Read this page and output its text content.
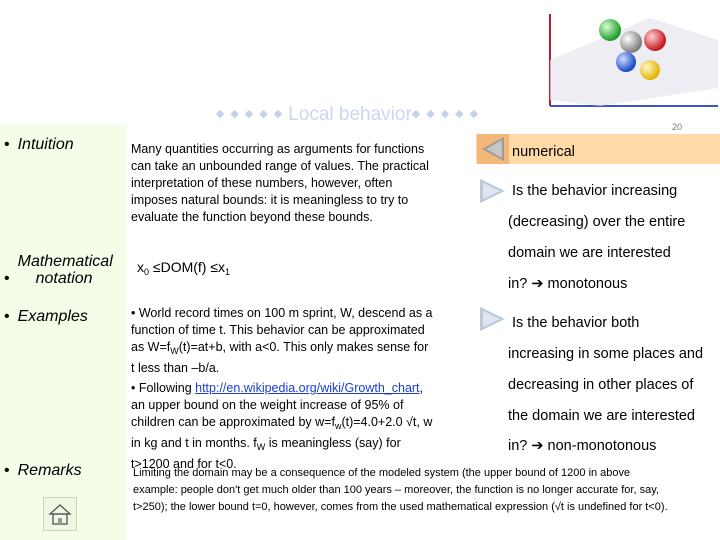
◆◆◆◆◆Local behavior◆◆◆◆◆
20
• Intuition
•Mathematical
notation
• Examples
• Remarks
Many quantities occurring as arguments for functions
can take an unbounded range of values. The practical
interpretation of these numbers, however, often
imposes natural bounds: it is meaningless to try to
evaluate the function beyond these bounds.
$x_0 \le DOM(f) \le x_1$
• World record times on 100 m sprint, W, descend as a
function of time t. This behavior can be approximated
as $W=f_W(t)=at+b$, with a<0. This only makes sense for
t less than –b/a.
• Following http://en.wikipedia.org/wiki/Growth_chart,
an upper bound on the weight increase of 95% of
children can be approximated by $w=f_w(t)=4.0+2.0$ √t, w
in kg and t in months. $f_W$ is meaningless (say) for
t>1200 and for t<0.
Limiting the domain may be a consequence of the modeled system (the upper bound of 1200 in above
example: people don't get much older than 100 years – moreover, the function is no longer accurate for, say,
t>250); the lower bound t=0, however, comes from the used mathematical expression (√t is undefined for t<0).
numerical
Is the behavior increasing
(decreasing) over the entire
domain we are interested
in? ➔ monotonous
Is the behavior both
increasing in some places and
decreasing in other places of
the domain we are interested
in? ➔ non-monotonous
